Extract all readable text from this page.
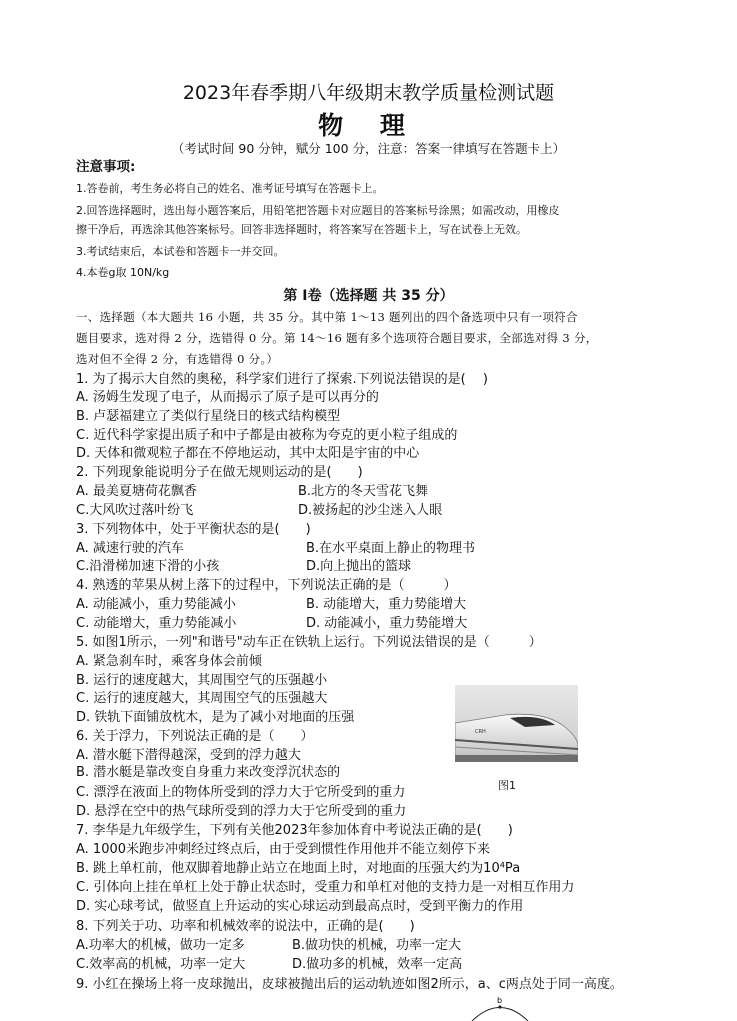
2023年春季期八年级期末教学质量检测试题
物 理
（考试时间 90 分钟，赋分 100 分，注意：答案一律填写在答题卡上）
注意事项:
1.答卷前，考生务必将自己的姓名、准考证号填写在答题卡上。
2.回答选择题时，选出每小题答案后，用铅笔把答题卡对应题目的答案标号涂黑；如需改动，用橡皮
擦干净后，再选涂其他答案标号。回答非选择题时，将答案写在答题卡上，写在试卷上无效。
3.考试结束后，本试卷和答题卡一并交回。
4.本卷g取 10N/kg
第 Ⅰ卷（选择题 共 35 分）
一、选择题（本大题共 16 小题，共 35 分。其中第 1～13 题列出的四个备选项中只有一项符合
题目要求，选对得 2 分，选错得 0 分。第 14～16 题有多个选项符合题目要求，全部选对得 3 分，
选对但不全得 2 分，有选错得 0 分。）
1. 为了揭示大自然的奥秘，科学家们进行了探索.下列说法错误的是(　 )
A. 汤姆生发现了电子，从而揭示了原子是可以再分的
B. 卢瑟福建立了类似行星绕日的核式结构模型
C. 近代科学家提出质子和中子都是由被称为夸克的更小粒子组成的
D. 天体和微观粒子都在不停地运动，其中太阳是宇宙的中心
2. 下列现象能说明分子在做无规则运动的是(　　)
A. 最美夏塘荷花飘香	B.北方的冬天雪花飞舞
C.大风吹过落叶纷飞	D.被扬起的沙尘迷入人眼
3. 下列物体中，处于平衡状态的是(　　)
A. 减速行驶的汽车	B.在水平桌面上静止的物理书
C.沿滑梯加速下滑的小孩	D.向上抛出的篮球
4. 熟透的苹果从树上落下的过程中，下列说法正确的是（　　　）
A. 动能减小，重力势能减小	B. 动能增大，重力势能增大
C. 动能增大，重力势能减小	D. 动能减小，重力势能增大
5. 如图1所示，一列"和谐号"动车正在铁轨上运行。下列说法错误的是（　　　）
A. 紧急刹车时，乘客身体会前倾
B. 运行的速度越大，其周围空气的压强越小
C. 运行的速度越大，其周围空气的压强越大
D. 铁轨下面铺放枕木，是为了减小对地面的压强
6. 关于浮力，下列说法正确的是（　　）
A. 潜水艇下潜得越深，受到的浮力越大
B. 潜水艇是靠改变自身重力来改变浮沉状态的
C. 漂浮在液面上的物体所受到的浮力大于它所受到的重力
D. 悬浮在空中的热气球所受到的浮力大于它所受到的重力
7. 李华是九年级学生，下列有关他2023年参加体育中考说法正确的是(　　)
A. 1000米跑步冲刺经过终点后，由于受到惯性作用他并不能立刻停下来
B. 跳上单杠前，他双脚着地静止站立在地面上时，对地面的压强大约为10⁴Pa
C. 引体向上挂在单杠上处于静止状态时，受重力和单杠对他的支持力是一对相互作用力
D. 实心球考试，做竖直上升运动的实心球运动到最高点时，受到平衡力的作用
8. 下列关于功、功率和机械效率的说法中，正确的是(　　)
A.功率大的机械，做功一定多	B.做功快的机械，功率一定大
C.效率高的机械，功率一定大	D.做功多的机械，效率一定高
9. 小红在操场上将一皮球抛出，皮球被抛出后的运动轨迹如图2所示，a、c两点处于同一高度。
CRH
图1
b
